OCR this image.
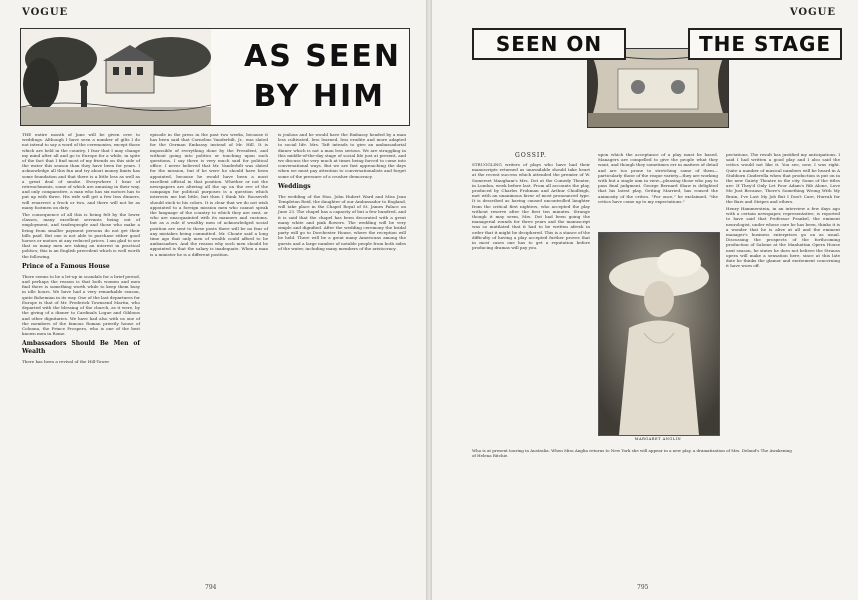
VOGUE
AS SEEN
BY HIM

THE entire month of June will be given over to weddings. Although I have seen a number of gilts I do not intend to say a word of the ceremonies, except those which are held in the country. I fear that I may change my mind after all and go to Europe for a while, in spite of the fact that I find most of my friends on this side of the water this season than they have been for years. I acknowledge all this fun and try about money limits has some foundation and that there is a little less as well as a great deal of smoke. Everywhere I hear of retrenchments, some of which are amusing in their way, and only comparative, a man who has six motors has to put up with three. His wife will get a few less dinners, will resurrect a frock or two, and there will not be as many footmen on duty.

The consequence of all this is being felt by the lower classes, many excellent servants being out of employment, and tradespeople and those who make a living from smaller payment persons do not get their bills paid. But one is not able to purchase either good horses or motors at any reduced prices. I am glad to see that so many men are taking an interest in practical politics; this is an English precedent which is well worth the following.

Prince of a Famous House

There seems to be a let-up in scandals for a brief period, and perhaps the reason is that both women and men find there is something worth while to keep them busy in idle hours. We have had a very remarkable season, quite Bohemian in its way. One of the last departures for Europe is that of Mr. Frederick Townsend Martin, who departed with the blessing of the church, as it were, by the giving of a dinner to Cardinals Logue and Gibbons and other dignitaries. We have had also with us one of the members of the famous Roman priestly house of Colonna, the Prince Prospero, who is one of the best known men in Rome.

Ambassadors Should Be Men of Wealth

There has been a revival of the Hill-Tower

episode in the press in the past two weeks, because it has been said that Cornelius Vanderbilt, Jr., was slated for the German Embassy instead of Mr. Hill. It is impossible of everything done by the President, and without going into politics or touching upon such questions, I say there is very much said for political office. I never believed that Mr. Vanderbilt was slated for the mission, but if he were he should have been appointed, because he would have been a most excellent official in that position. Whether or not the newspapers are altering all the up on the eve of the campaign for political purposes is a question which interests me but little, but then I think Mr. Roosevelt should stick to his colors. It is clear that we do not wish appointed to a foreign mission men who cannot speak the language of the country to which they are sent, or who are unacquainted with its manners and customs, but as a rule if wealthy men of acknowledged social position are sent to these posts there will be no fear of any mistakes being committed. Mr. Choate said a long time ago that only men of wealth could afford to be ambassadors. And the reason why such men should be appointed is that the salary is inadequate. When a man is a minister he is a different position.

is jealous and he would have the Embassy headed by a man less cultivated, less learned, less erudite and more adapted to social life. Mrs. Taft intends to give an ambassadorial dinner which is not a man less serious. We are struggling in this middle-of-the-day stage of social life just at present, and we discuss the very much at times being forced to come into conversational ways. But we are fast approaching the days when we must pay attention to conversationalists and forget some of the pressure of a crusher democracy.

Weddings

The wedding of the Hon. John Hubert Ward and Miss Jean Templeton Reid, the daughter of our Ambassador to England, will take place in the Chapel Royal of St. James Palace on June 23. The chapel has a capacity of but a few hundred, and it is said that the chapel has been decorated with a great many white and pink flowers. The wedding will be very simple and dignified. After the wedding ceremony the bridal party will go to Dorchester House, where the reception will be held. There will be a great many Americans among the guests and a large number of notable people from both sides of the water, including many members of the aristocracy.

794
VOGUE
SEEN ON	THE STAGE
GOSSIP.

STRUGGLING writers of plays who have had their manuscripts returned as unavailable should take heart at the recent success which attended the premier of W. Somerset Maugham's Mrs. Dot at the Comedy Theater, in London, week before last. From all accounts the play, produced by Charles Frohman and Arthur Chudleigh, met with an unanimous favor of most pronounced type. It is described as having caused uncontrolled laughter from the critical first nighters, who accepted the play without reserve after the first ten minutes. Strange though it may seem, Mrs. Dot had been going the managerial rounds for three years and the manuscript was so mutilated that it had to be written afresh in order that it might be deciphered. This is a stance of the difficulty of having a play accepted further proves that in most cases one has to get a reputation before producing dramas will pay you.

upon which the acceptance of a play must be based. Managers are compelled to give the people what they want, and though they sometimes err in matters of detail and are too prone to stretching some of them—particularly those of the risque variety—they are working with but a single aim in view—pleasing those who pay to pass final judgment. George Bernard Shaw is delighted that his latest play, Getting Married, has roused the animosity of the critics. "For once," he exclaimed, "the critics have come up to my expectations."

pectations. The result has justified my anticipations. I said I had written a good play and I also said the critics would not like it. You see, now, I was right. Quite a number of musical numbers will be heard in A Stubborn Cinderella when that production is put on in the new Gaiety Theatre in the city. Some of the titles are: If They'd Only Let Poor Adam's Rib Alone, Love Me Just Because, There's Something Wrong With My Brain, I've Lost My Job But I Don't Care, Hurrah for the Bars and Stripes and others.

Henry Hammerstein, in an interview a few days ago with a certain newspaper, representative, is reported to have said that Professor Frankel, the eminent neurologist, under whose care he has been, thinks it is a wonder that he is alive at all and the eminent manager's business enterprises go on as usual. Discussing the prospects of the forthcoming production of Salome at the Manhattan Opera House next season, he states he does not believe the Strauss opera will make a sensation here, since at this late date he thinks the glamor and excitement concerning it have worn off.

MARGARET ANGLIN
Who is at present touring in Australia. When Miss Anglin returns to New York she will appear in a new play, a dramatization of Mrs. Deland's The Awakening of Helena Ritchie.
795
